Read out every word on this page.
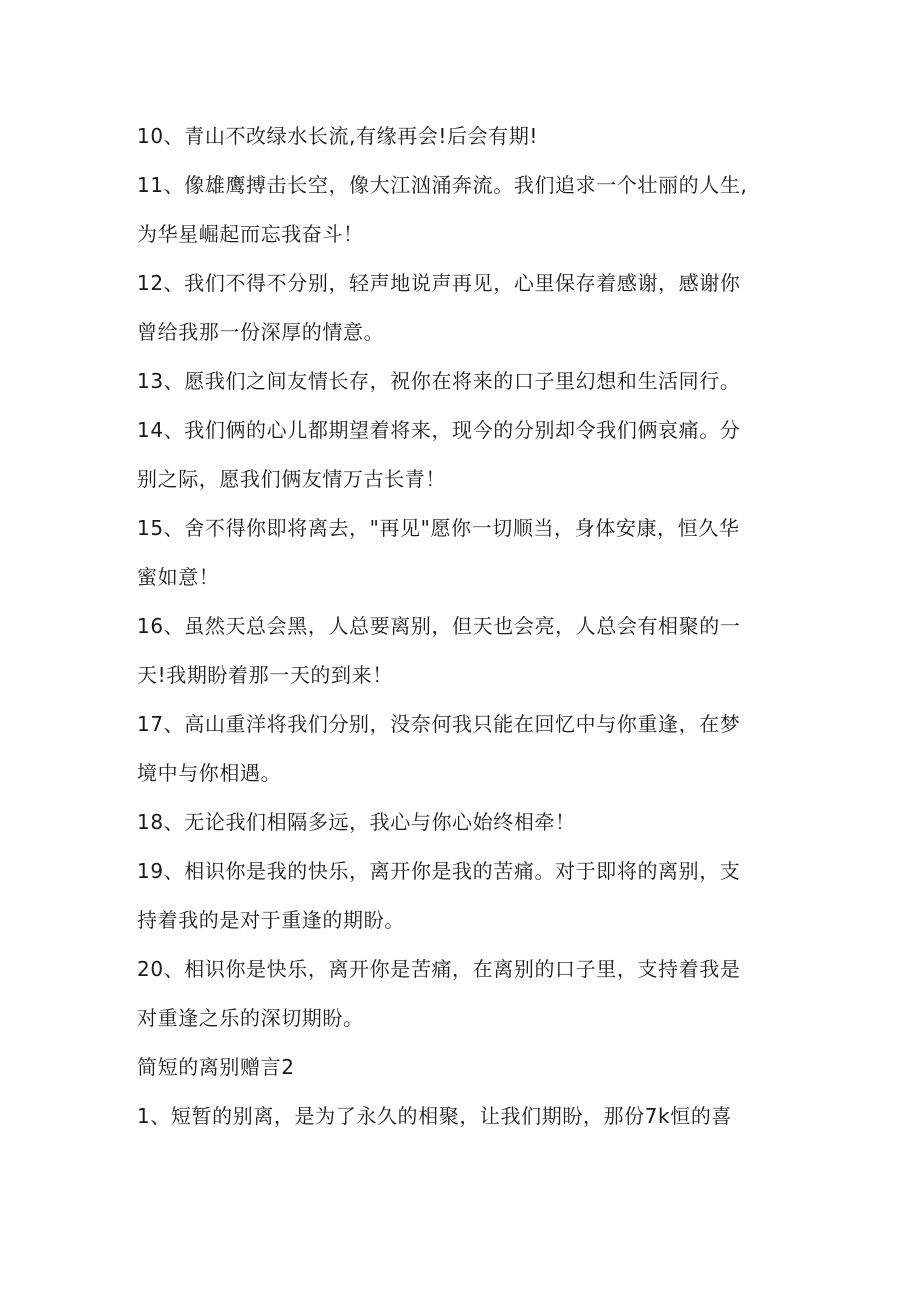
10、青山不改绿水长流,有缘再会!后会有期!
11、像雄鹰搏击长空，像大江汹涌奔流。我们追求一个壮丽的人生,
为华星崛起而忘我奋斗！
12、我们不得不分别，轻声地说声再见，心里保存着感谢，感谢你
曾给我那一份深厚的情意。
13、愿我们之间友情长存，祝你在将来的口子里幻想和生活同行。
14、我们俩的心儿都期望着将来，现今的分别却令我们俩哀痛。分
别之际，愿我们俩友情万古长青！
15、舍不得你即将离去，"再见"愿你一切顺当，身体安康，恒久华
蜜如意！
16、虽然天总会黑，人总要离别，但天也会亮，人总会有相聚的一
天!我期盼着那一天的到来！
17、高山重洋将我们分别，没奈何我只能在回忆中与你重逢，在梦
境中与你相遇。
18、无论我们相隔多远，我心与你心始终相牵！
19、相识你是我的快乐，离开你是我的苦痛。对于即将的离别，支
持着我的是对于重逢的期盼。
20、相识你是快乐，离开你是苦痛，在离别的口子里，支持着我是
对重逢之乐的深切期盼。
简短的离别赠言2
1、短暂的别离，是为了永久的相聚，让我们期盼，那份7k恒的喜
